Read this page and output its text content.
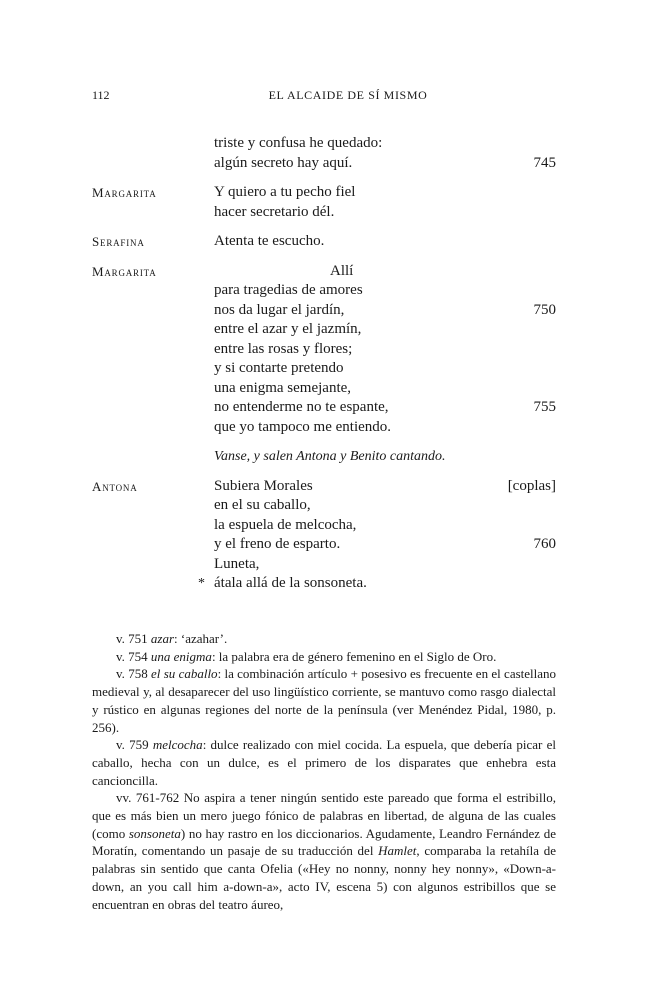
112	EL ALCAIDE DE SÍ MISMO
triste y confusa he quedado:
algún secreto hay aquí.	745
Margarita	Y quiero a tu pecho fiel
hacer secretario dél.
Serafina	Atenta te escucho.
Margarita	Allí
para tragedias de amores
nos da lugar el jardín,	750
entre el azar y el jazmín,
entre las rosas y flores;
y si contarte pretendo
una enigma semejante,
no entenderme no te espante,	755
que yo tampoco me entiendo.
Vanse, y salen Antona y Benito cantando.
Antona	Subiera Morales	[coplas]
en el su caballo,
la espuela de melcocha,
y el freno de esparto.	760
Luneta,
átala allá de la sonsoneta.
*

v. 751 azar: ‘azahar’.

v. 754 una enigma: la palabra era de género femenino en el Siglo de Oro.

v. 758 el su caballo: la combinación artículo + posesivo es frecuente en el castellano medieval y, al desaparecer del uso lingüístico corriente, se mantuvo como rasgo dialectal y rústico en algunas regiones del norte de la península (ver Menéndez Pidal, 1980, p. 256).

v. 759 melcocha: dulce realizado con miel cocida. La espuela, que debería picar el caballo, hecha con un dulce, es el primero de los disparates que enhebra esta cancioncilla.

vv. 761-762 No aspira a tener ningún sentido este pareado que forma el estribillo, que es más bien un mero juego fónico de palabras en libertad, de alguna de las cuales (como sonsoneta) no hay rastro en los diccionarios. Agudamente, Leandro Fernández de Moratín, comentando un pasaje de su traducción del Hamlet, comparaba la retahíla de palabras sin sentido que canta Ofelia («Hey no nonny, nonny hey nonny», «Down-a-down, an you call him a-down-a», acto IV, escena 5) con algunos estribillos que se encuentran en obras del teatro áureo,
